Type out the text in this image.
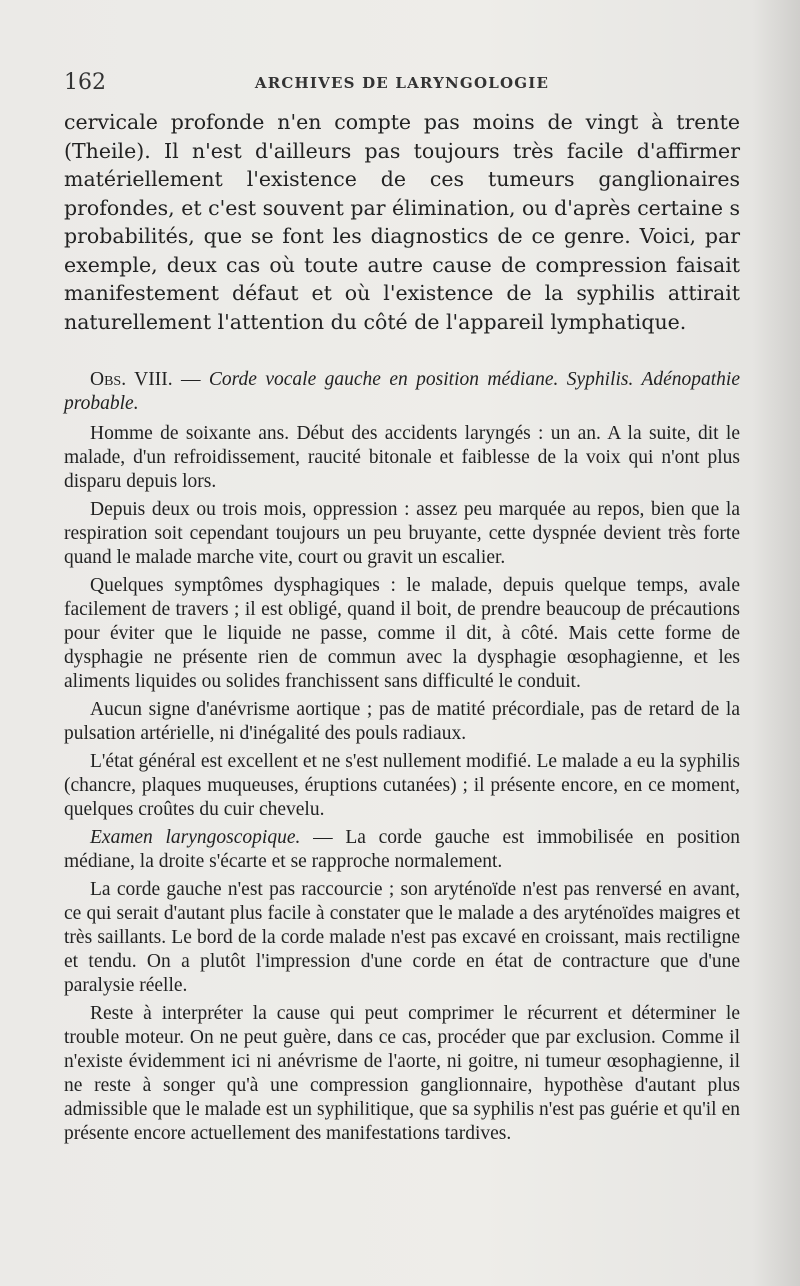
162	ARCHIVES DE LARYNGOLOGIE

cervicale profonde n'en compte pas moins de vingt à trente (Theile). Il n'est d'ailleurs pas toujours très facile d'affirmer matériellement l'existence de ces tumeurs ganglionaires profondes, et c'est souvent par élimination, ou d'après certaine s probabilités, que se font les diagnostics de ce genre. Voici, par exemple, deux cas où toute autre cause de compression faisait manifestement défaut et où l'existence de la syphilis attirait naturellement l'attention du côté de l'appareil lymphatique.

Obs. VIII. — Corde vocale gauche en position médiane. Syphilis. Adénopathie probable.

Homme de soixante ans. Début des accidents laryngés : un an. A la suite, dit le malade, d'un refroidissement, raucité bitonale et faiblesse de la voix qui n'ont plus disparu depuis lors.

Depuis deux ou trois mois, oppression : assez peu marquée au repos, bien que la respiration soit cependant toujours un peu bruyante, cette dyspnée devient très forte quand le malade marche vite, court ou gravit un escalier.

Quelques symptômes dysphagiques : le malade, depuis quelque temps, avale facilement de travers ; il est obligé, quand il boit, de prendre beaucoup de précautions pour éviter que le liquide ne passe, comme il dit, à côté. Mais cette forme de dysphagie ne présente rien de commun avec la dysphagie œsophagienne, et les aliments liquides ou solides franchissent sans difficulté le conduit.

Aucun signe d'anévrisme aortique ; pas de matité précordiale, pas de retard de la pulsation artérielle, ni d'inégalité des pouls radiaux.

L'état général est excellent et ne s'est nullement modifié. Le malade a eu la syphilis (chancre, plaques muqueuses, éruptions cutanées) ; il présente encore, en ce moment, quelques croûtes du cuir chevelu.

Examen laryngoscopique. — La corde gauche est immobilisée en position médiane, la droite s'écarte et se rapproche normalement.

La corde gauche n'est pas raccourcie ; son aryténoïde n'est pas renversé en avant, ce qui serait d'autant plus facile à constater que le malade a des aryténoïdes maigres et très saillants. Le bord de la corde malade n'est pas excavé en croissant, mais rectiligne et tendu. On a plutôt l'impression d'une corde en état de contracture que d'une paralysie réelle.

Reste à interpréter la cause qui peut comprimer le récurrent et déterminer le trouble moteur. On ne peut guère, dans ce cas, procéder que par exclusion. Comme il n'existe évidemment ici ni anévrisme de l'aorte, ni goitre, ni tumeur œsophagienne, il ne reste à songer qu'à une compression ganglionnaire, hypothèse d'autant plus admissible que le malade est un syphilitique, que sa syphilis n'est pas guérie et qu'il en présente encore actuellement des manifestations tardives.
